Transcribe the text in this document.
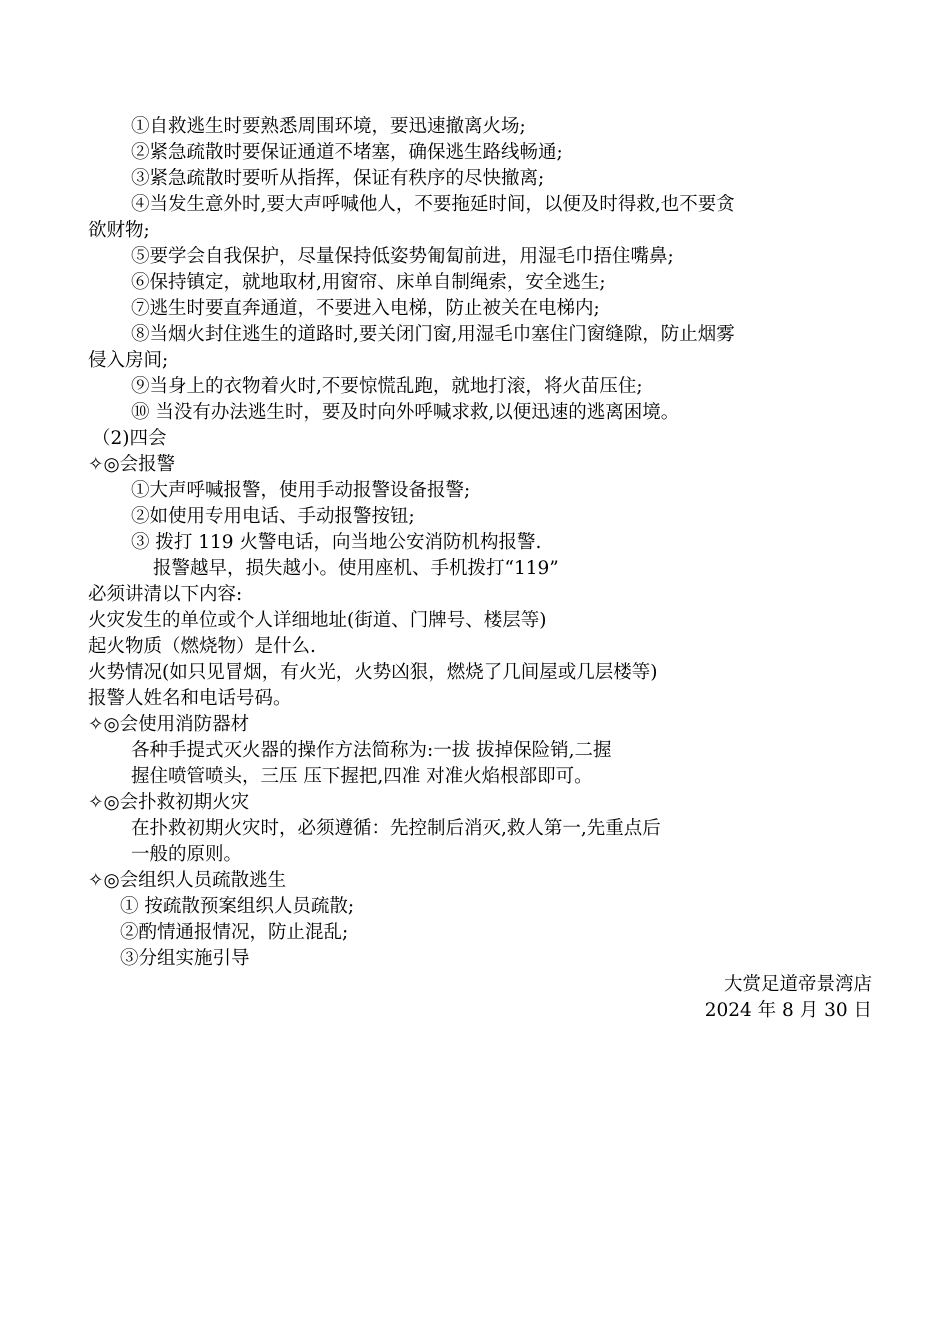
①自救逃生时要熟悉周围环境，要迅速撤离火场;
②紧急疏散时要保证通道不堵塞，确保逃生路线畅通;
③紧急疏散时要听从指挥，保证有秩序的尽快撤离;
④当发生意外时,要大声呼喊他人，不要拖延时间，以便及时得救,也不要贪
欲财物;
⑤要学会自我保护，尽量保持低姿势匍匐前进，用湿毛巾捂住嘴鼻;
⑥保持镇定，就地取材,用窗帘、床单自制绳索，安全逃生;
⑦逃生时要直奔通道，不要进入电梯，防止被关在电梯内;
⑧当烟火封住逃生的道路时,要关闭门窗,用湿毛巾塞住门窗缝隙，防止烟雾
侵入房间;
⑨当身上的衣物着火时,不要惊慌乱跑，就地打滚，将火苗压住;
⑩ 当没有办法逃生时，要及时向外呼喊求救,以便迅速的逃离困境。
（2)四会
✧◎会报警
①大声呼喊报警，使用手动报警设备报警;
②如使用专用电话、手动报警按钮;
③ 拨打 119 火警电话，向当地公安消防机构报警.
报警越早，损失越小。使用座机、手机拨打“119”
必须讲清以下内容:
火灾发生的单位或个人详细地址(街道、门牌号、楼层等)
起火物质（燃烧物）是什么.
火势情况(如只见冒烟，有火光，火势凶狠，燃烧了几间屋或几层楼等)
报警人姓名和电话号码。
✧◎会使用消防器材
各种手提式灭火器的操作方法简称为:一拔 拔掉保险销,二握
握住喷管喷头，三压 压下握把,四准 对准火焰根部即可。
✧◎会扑救初期火灾
在扑救初期火灾时，必须遵循：先控制后消灭,救人第一,先重点后
一般的原则。
✧◎会组织人员疏散逃生
① 按疏散预案组织人员疏散;
②酌情通报情况，防止混乱;
③分组实施引导
大赏足道帝景湾店
2024 年 8 月 30 日
